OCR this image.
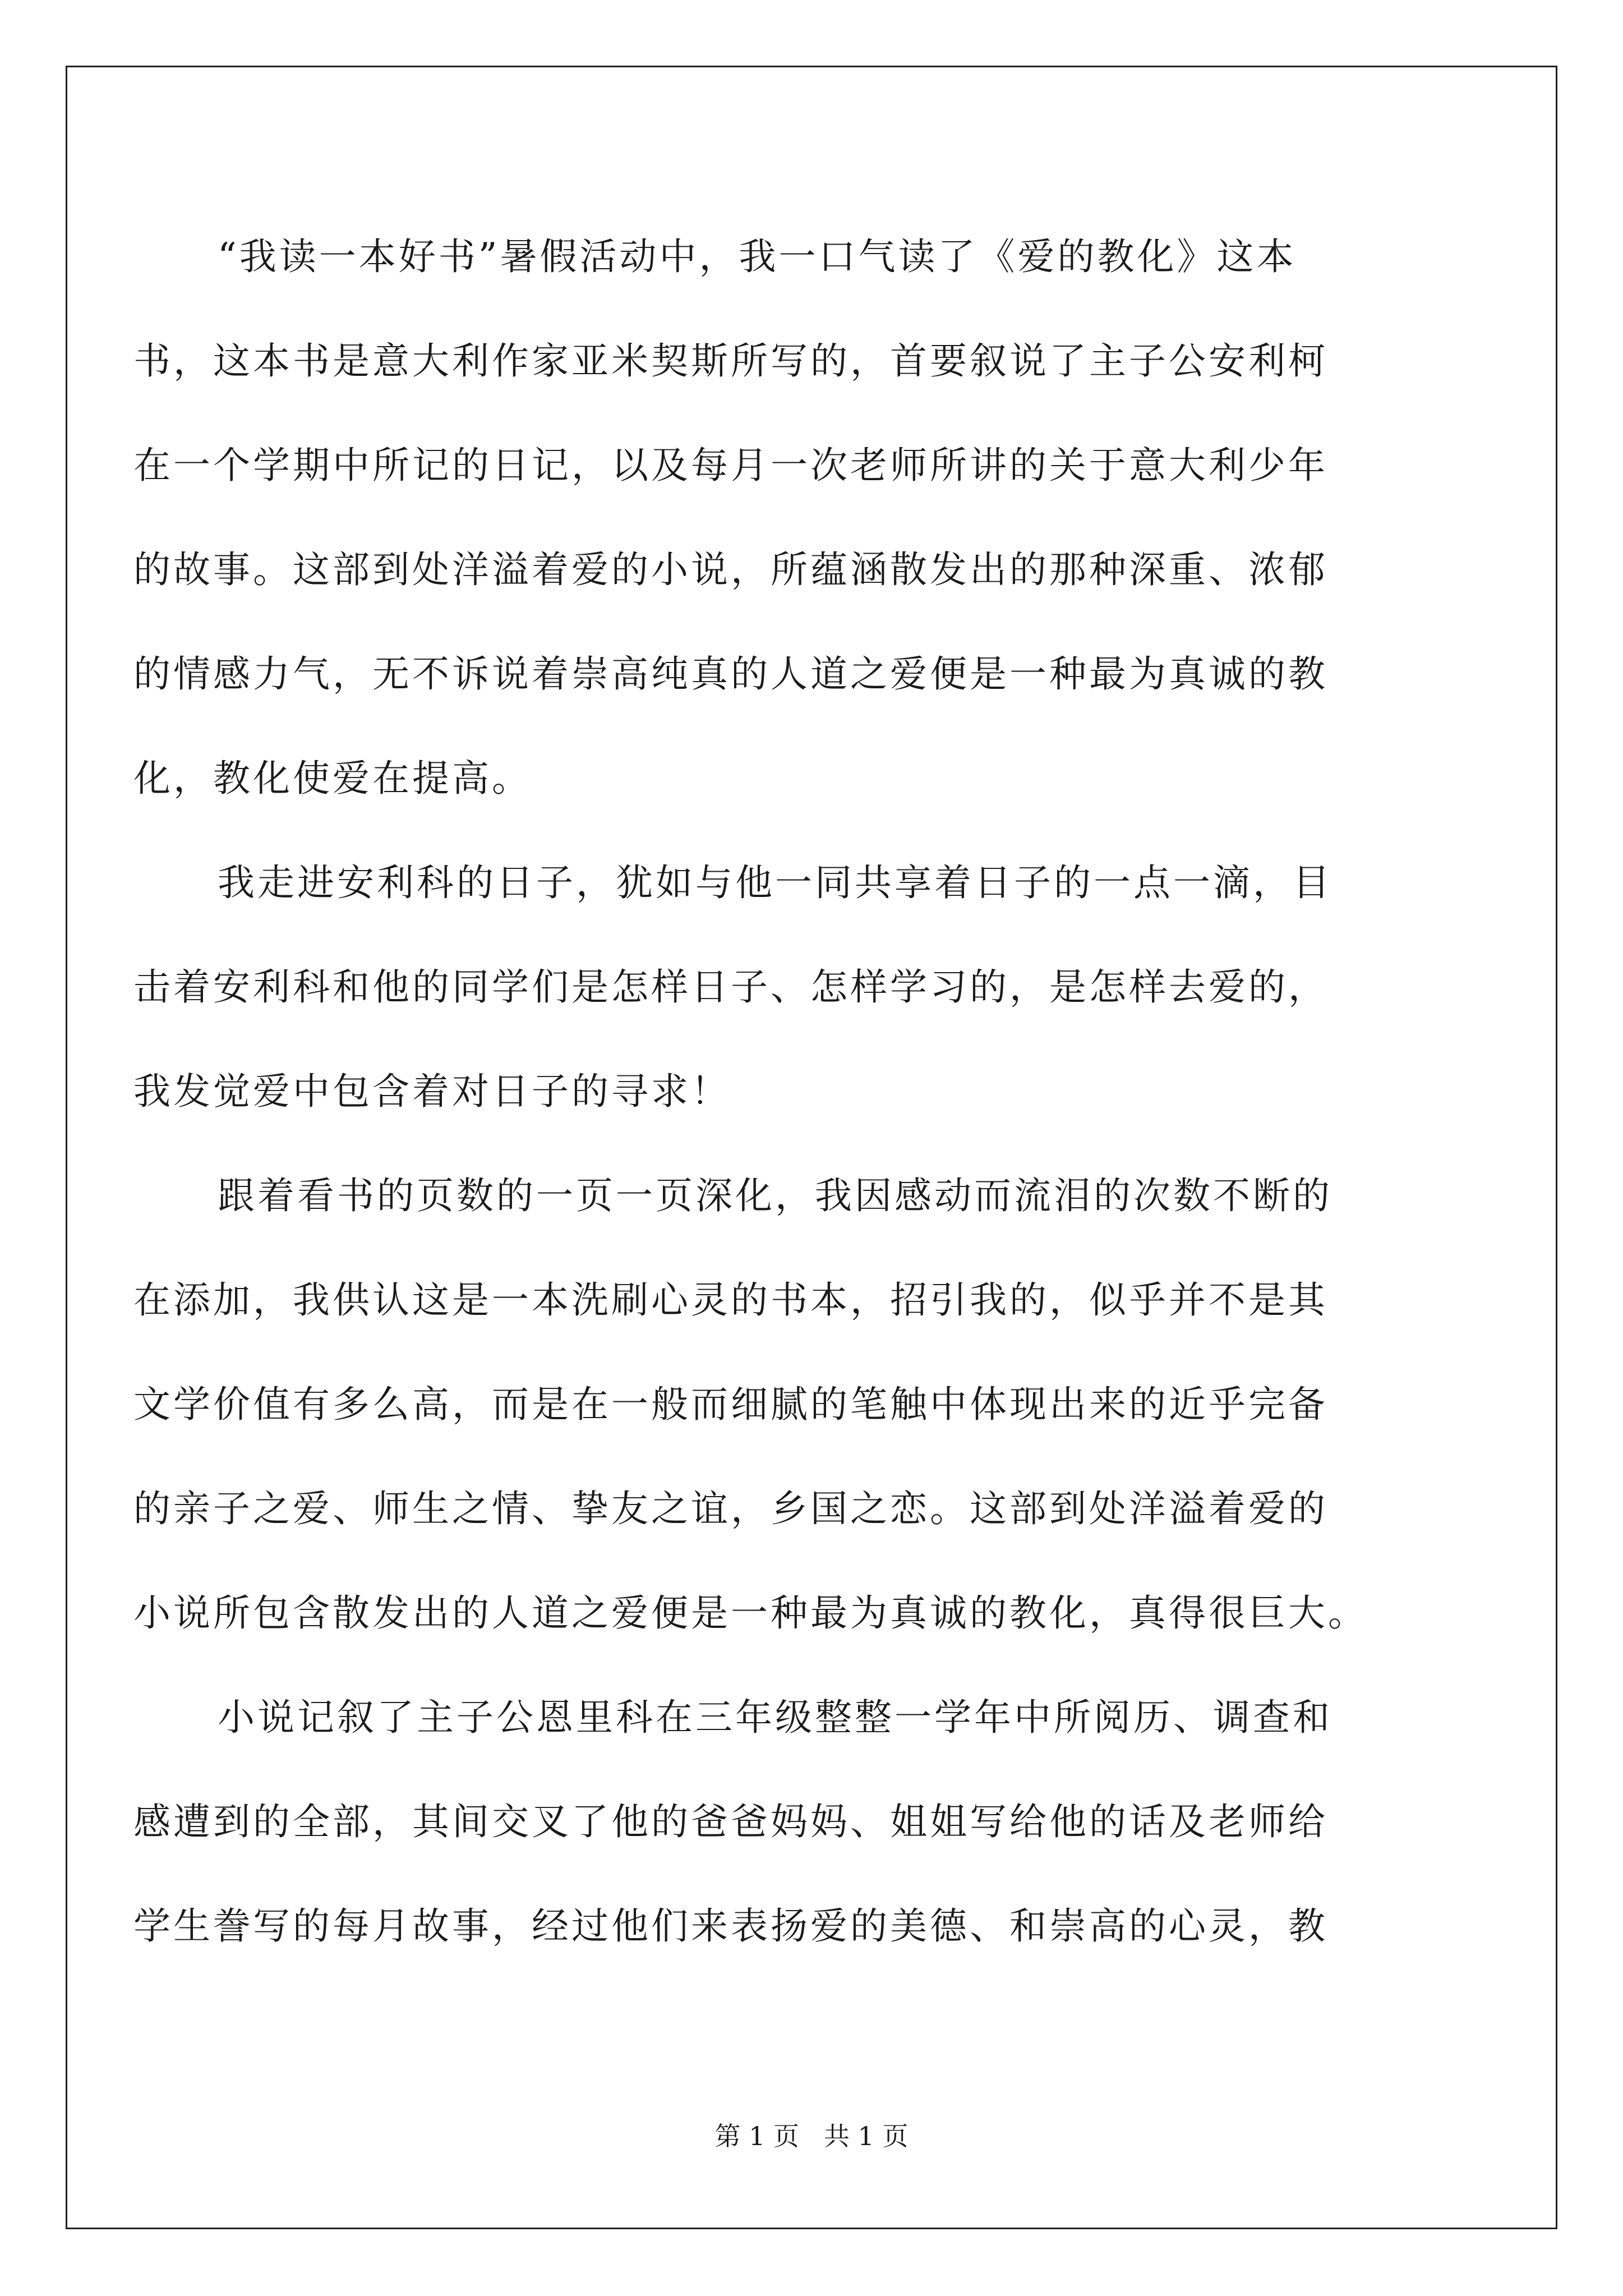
“我读一本好书”暑假活动中，我一口气读了《爱的教化》这本
书，这本书是意大利作家亚米契斯所写的，首要叙说了主子公安利柯
在一个学期中所记的日记，以及每月一次老师所讲的关于意大利少年
的故事。这部到处洋溢着爱的小说，所蕴涵散发出的那种深重、浓郁
的情感力气，无不诉说着崇高纯真的人道之爱便是一种最为真诚的教
化，教化使爱在提高。
我走进安利科的日子，犹如与他一同共享着日子的一点一滴，目
击着安利科和他的同学们是怎样日子、怎样学习的，是怎样去爱的，
我发觉爱中包含着对日子的寻求！
跟着看书的页数的一页一页深化，我因感动而流泪的次数不断的
在添加，我供认这是一本洗刷心灵的书本，招引我的，似乎并不是其
文学价值有多么高，而是在一般而细腻的笔触中体现出来的近乎完备
的亲子之爱、师生之情、挚友之谊，乡国之恋。这部到处洋溢着爱的
小说所包含散发出的人道之爱便是一种最为真诚的教化，真得很巨大。
小说记叙了主子公恩里科在三年级整整一学年中所阅历、调查和
感遭到的全部，其间交叉了他的爸爸妈妈、姐姐写给他的话及老师给
学生誊写的每月故事，经过他们来表扬爱的美德、和崇高的心灵，教
第 1 页 共 1 页
